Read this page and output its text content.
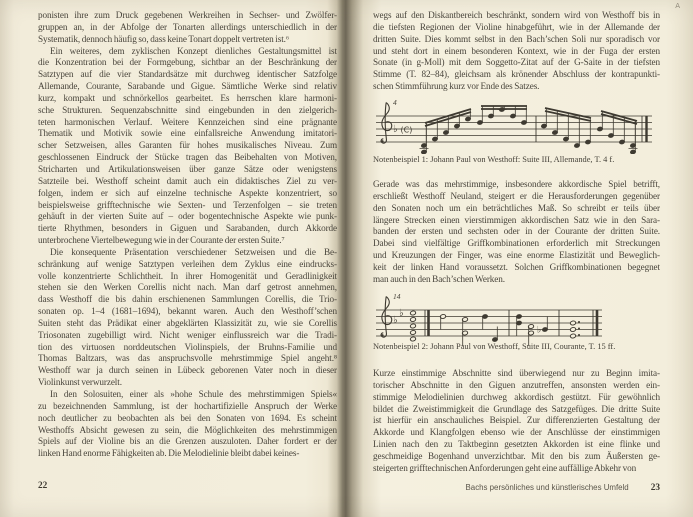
ponisten ihre zum Druck gegebenen Werkreihen in Sechser- und Zwölfer-
gruppen an, in der Abfolge der Tonarten allerdings unterschiedlich in der
Systematik, dennoch häufig so, dass keine Tonart doppelt vertreten ist.⁶
Ein weiteres, dem zyklischen Konzept dienliches Gestaltungsmittel ist
die Konzentration bei der Formgebung, sichtbar an der Beschränkung der
Satztypen auf die vier Standardsätze mit durchweg identischer Satzfolge
Allemande, Courante, Sarabande und Gigue. Sämtliche Werke sind relativ
kurz, kompakt und schnörkellos gearbeitet. Es herrschen klare harmoni-
sche Strukturen. Sequenzabschnitte sind eingebunden in den zielgerich-
teten harmonischen Verlauf. Weitere Kennzeichen sind eine prägnante
Thematik und Motivik sowie eine einfallsreiche Anwendung imitatori-
scher Setzweisen, alles Garanten für hohes musikalisches Niveau. Zum
geschlossenen Eindruck der Stücke tragen das Beibehalten von Motiven,
Stricharten und Artikulationsweisen über ganze Sätze oder wenigstens
Satzteile bei. Westhoff scheint damit auch ein didaktisches Ziel zu ver-
folgen, indem er sich auf einzelne technische Aspekte konzentriert, so
beispielsweise grifftechnische wie Sexten- und Terzenfolgen – sie treten
gehäuft in der vierten Suite auf – oder bogentechnische Aspekte wie punk-
tierte Rhythmen, besonders in Giguen und Sarabanden, durch Akkorde
unterbrochene Viertelbewegung wie in der Courante der ersten Suite.⁷
Die konsequente Präsentation verschiedener Setzweisen und die Be-
schränkung auf wenige Satztypen verleihen dem Zyklus eine eindrucks-
volle konzentrierte Schlichtheit. In ihrer Homogenität und Geradlinigkeit
stehen sie den Werken Corellis nicht nach. Man darf getrost annehmen,
dass Westhoff die bis dahin erschienenen Sammlungen Corellis, die Trio-
sonaten op. 1–4 (1681–1694), bekannt waren. Auch den Westhoff’schen
Suiten steht das Prädikat einer abgeklärten Klassizität zu, wie sie Corellis
Triosonaten zugebilligt wird. Nicht weniger einflussreich war die Tradi-
tion des virtuosen norddeutschen Violinspiels, der Bruhns-Familie und
Thomas Baltzars, was das anspruchsvolle mehrstimmige Spiel angeht.⁸
Westhoff war ja durch seinen in Lübeck geborenen Vater noch in dieser
Violinkunst verwurzelt.
In den Solosuiten, einer als »hohe Schule des mehrstimmigen Spiels«
zu bezeichnenden Sammlung, ist der hochartifizielle Anspruch der Werke
noch deutlicher zu beobachten als bei den Sonaten von 1694. Es scheint
Westhoffs Absicht gewesen zu sein, die Möglichkeiten des mehrstimmigen
Spiels auf der Violine bis an die Grenzen auszuloten. Daher fordert er der
linken Hand enorme Fähigkeiten ab. Die Melodielinie bleibt dabei keines-
22
A
wegs auf den Diskantbereich beschränkt, sondern wird von Westhoff bis in
die tiefsten Regionen der Violine hinabgeführt, wie in der Allemande der
dritten Suite. Dies kommt selbst in den Bach’schen Soli nur sporadisch vor
und steht dort in einem besonderen Kontext, wie in der Fuga der ersten
Sonate (in g-Moll) mit dem Soggetto-Zitat auf der G-Saite in der tiefsten
Stimme (T. 82–84), gleichsam als krönender Abschluss der kontrapunkti-
schen Stimmführung kurz vor Ende des Satzes.
4
♭ (C)
Notenbeispiel 1: Johann Paul von Westhoff: Suite III, Allemande, T. 4 f.
Gerade was das mehrstimmige, insbesondere akkordische Spiel betrifft,
erschließt Westhoff Neuland, steigert er die Herausforderungen gegenüber
den Sonaten noch um ein beträchtliches Maß. So schreibt er teils über
längere Strecken einen vierstimmigen akkordischen Satz wie in den Sara-
banden der ersten und sechsten oder in der Courante der dritten Suite.
Dabei sind vielfältige Griffkombinationen erforderlich mit Streckungen
und Kreuzungen der Finger, was eine enorme Elastizität und Beweglich-
keit der linken Hand voraussetzt. Solchen Griffkombinationen begegnet
man auch in den Bach’schen Werken.
14
♭
♭
♭
Notenbeispiel 2: Johann Paul von Westhoff, Suite III, Courante, T. 15 ff.
Kurze einstimmige Abschnitte sind überwiegend nur zu Beginn imita-
torischer Abschnitte in den Giguen anzutreffen, ansonsten werden ein-
stimmige Melodielinien durchweg akkordisch gestützt. Für gewöhnlich
bildet die Zweistimmigkeit die Grundlage des Satzgefüges. Die dritte Suite
ist hierfür ein anschauliches Beispiel. Zur differenzierten Gestaltung der
Akkorde und Klangfolgen ebenso wie der Anschlüsse der einstimmigen
Linien nach den zu Taktbeginn gesetzten Akkorden ist eine flinke und
geschmeidige Bogenhand unverzichtbar. Mit den bis zum Äußersten ge-
steigerten grifftechnischen Anforderungen geht eine auffällige Abkehr von
Bachs persönliches und künstlerisches Umfeld 23
